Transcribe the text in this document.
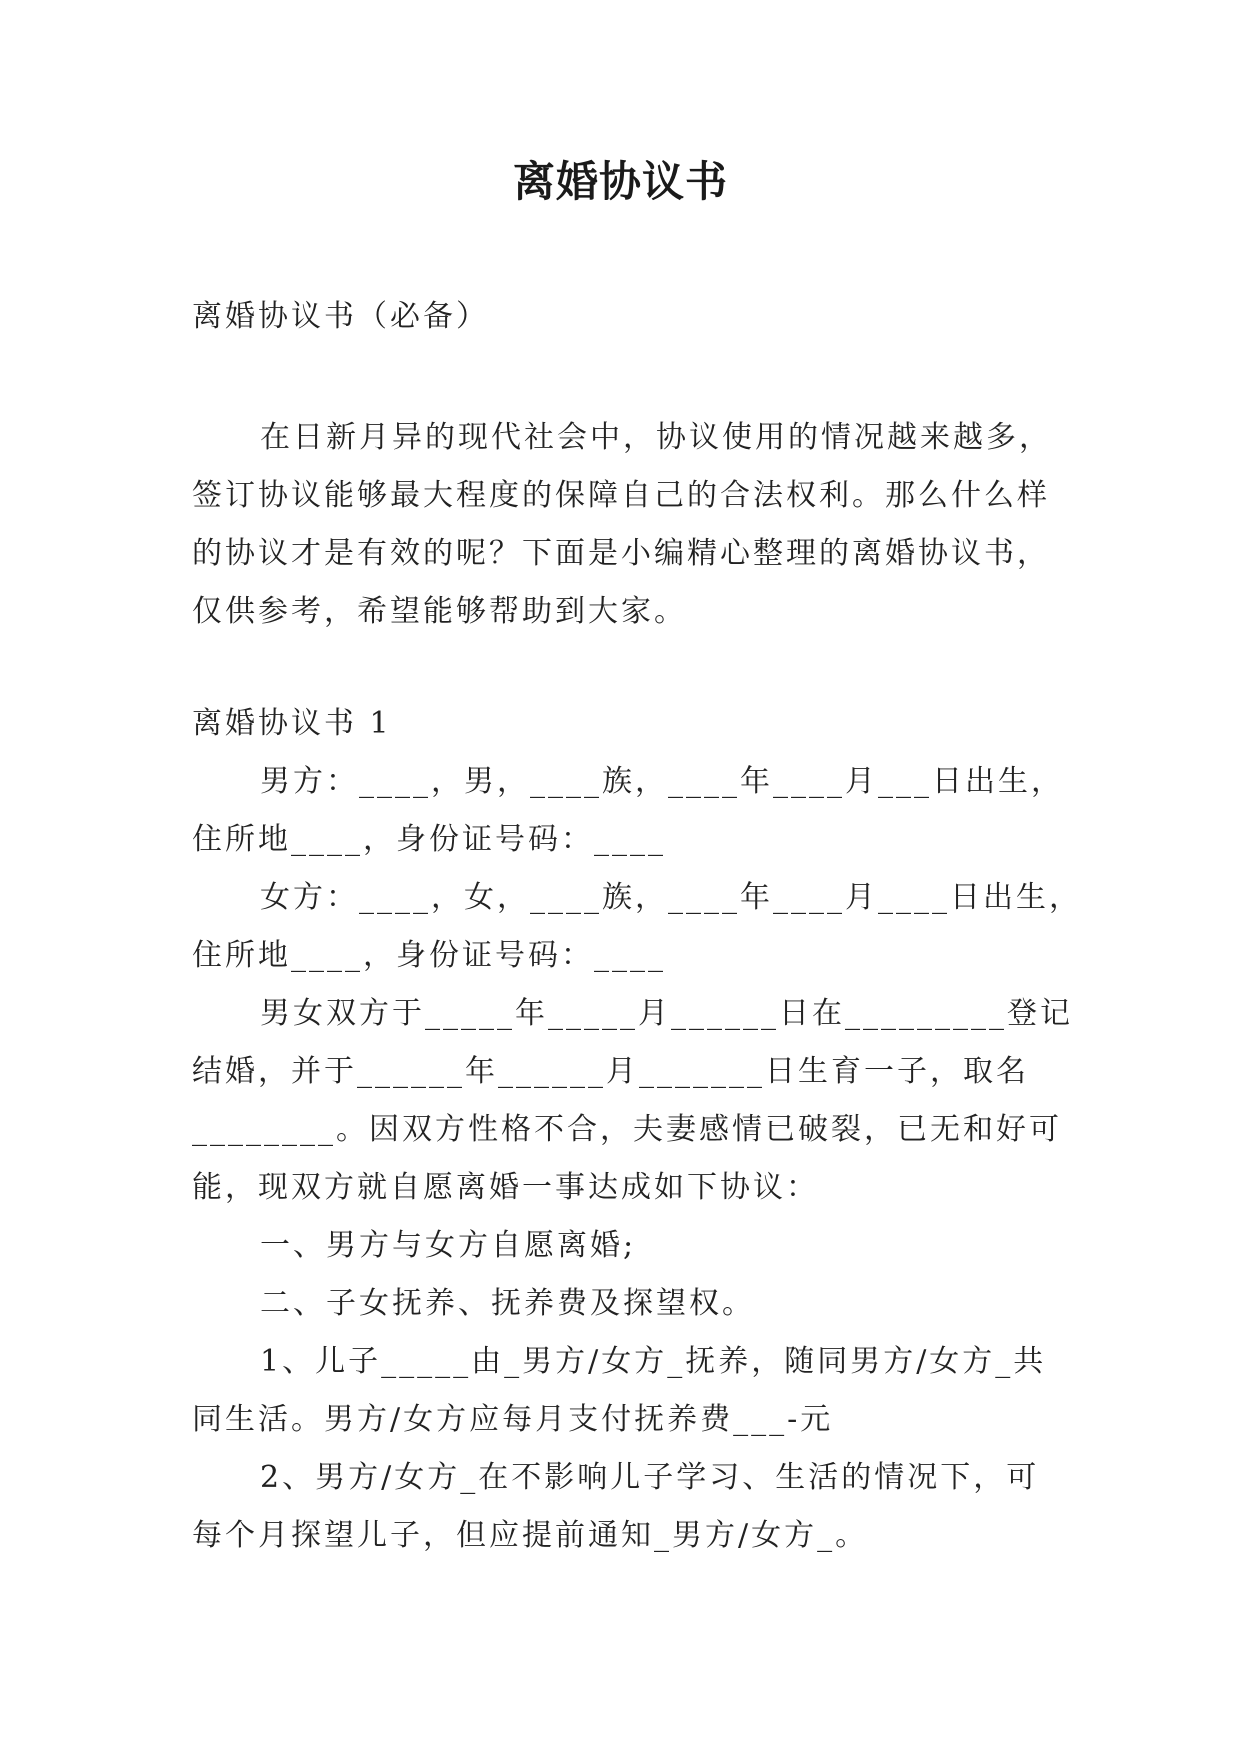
离婚协议书
离婚协议书（必备）
在日新月异的现代社会中，协议使用的情况越来越多，
签订协议能够最大程度的保障自己的合法权利。那么什么样
的协议才是有效的呢？下面是小编精心整理的离婚协议书，
仅供参考，希望能够帮助到大家。
离婚协议书 1
男方：____，男，____族，____年____月___日出生，
住所地____，身份证号码：____
女方：____，女，____族，____年____月____日出生，
住所地____，身份证号码：____
男女双方于_____年_____月______日在_________登记
结婚，并于______年______月_______日生育一子，取名
________。因双方性格不合，夫妻感情已破裂，已无和好可
能，现双方就自愿离婚一事达成如下协议：
一、男方与女方自愿离婚;
二、子女抚养、抚养费及探望权。
1、儿子_____由_男方/女方_抚养，随同男方/女方_共
同生活。男方/女方应每月支付抚养费___-元
2、男方/女方_在不影响儿子学习、生活的情况下，可
每个月探望儿子，但应提前通知_男方/女方_。
